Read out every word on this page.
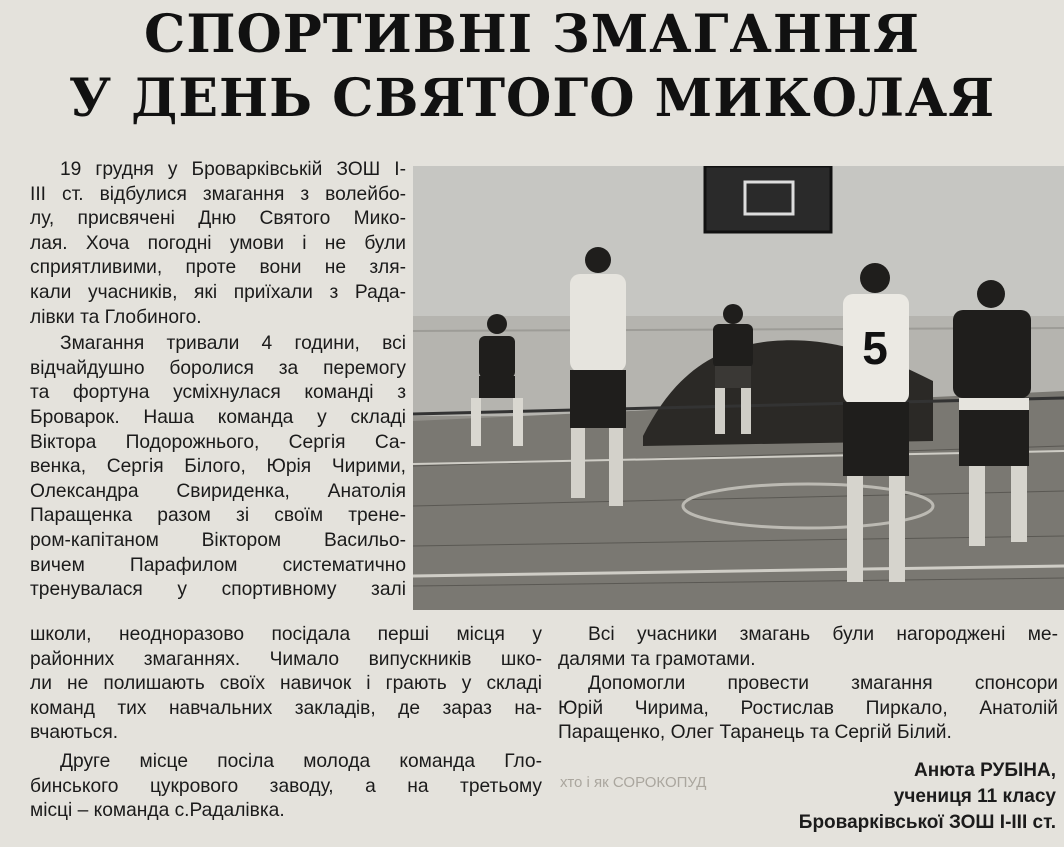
хто і як СОРОКОПУД
СПОРТИВНІ ЗМАГАННЯ
У ДЕНЬ СВЯТОГО МИКОЛАЯ
19 грудня у Броварківській ЗОШ І-
ІІІ ст. відбулися змагання з волейбо-
лу, присвячені Дню Святого Мико-
лая. Хоча погодні умови і не були
сприятливими, проте вони не зля-
кали учасників, які приїхали з Рада-
лівки та Глобиного.
Змагання тривали 4 години, всі
відчайдушно боролися за перемогу
та фортуна усміхнулася команді з
Броварок. Наша команда у складі
Віктора Подорожнього, Сергія Са-
венка, Сергія Білого, Юрія Чирими,
Олександра Свириденка, Анатолія
Паращенка разом зі своїм трене-
ром-капітаном Віктором Васильо-
вичем Парафилом систематично
тренувалася у спортивному залі
5
школи, неодноразово посідала перші місця у
районних змаганнях. Чимало випускників шко-
ли не полишають своїх навичок і грають у складі
команд тих навчальних закладів, де зараз на-
вчаються.
Друге місце посіла молода команда Гло-
бинського цукрового заводу, а на третьому
місці – команда с.Радалівка.
Всі учасники змагань були нагороджені ме-
далями та грамотами.
Допомогли провести змагання спонсори
Юрій Чирима, Ростислав Пиркало, Анатолій
Паращенко, Олег Таранець та Сергій Білий.
Анюта РУБІНА,
учениця 11 класу
Броварківської ЗОШ І-ІІІ ст.
